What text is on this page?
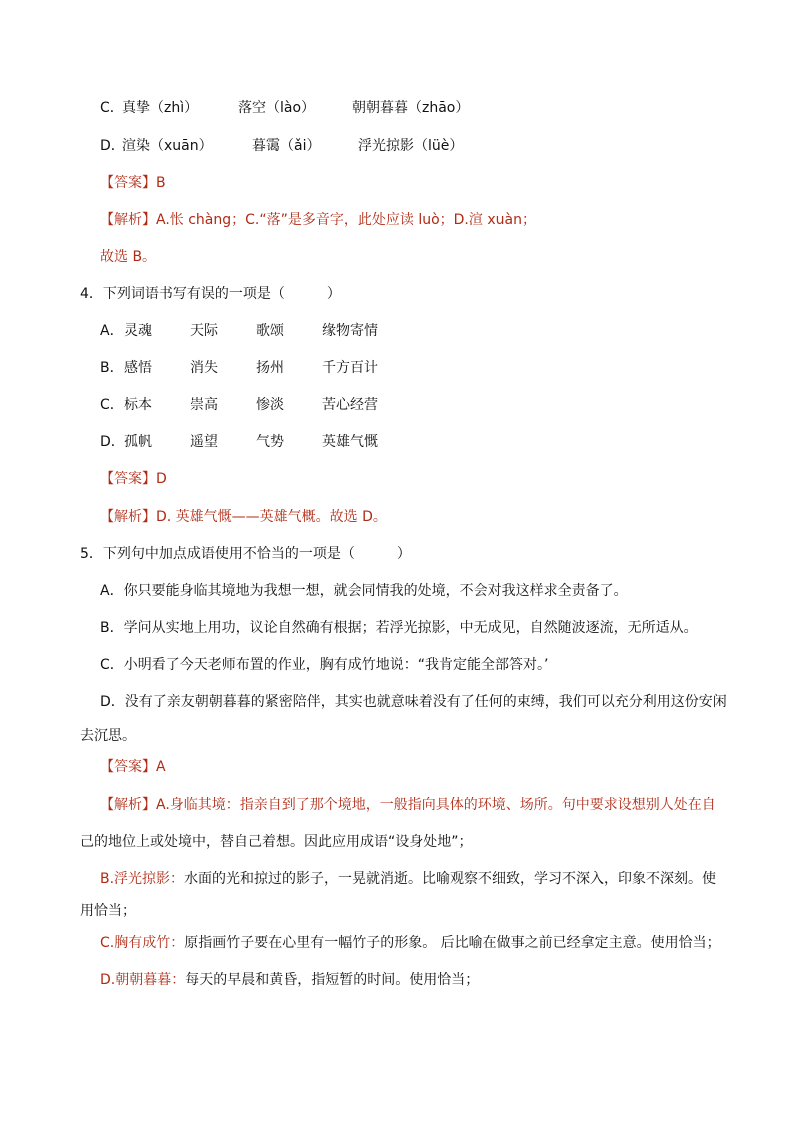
C．
真挚（zhì）	落空（lào）	朝朝暮暮（zhāo）
D．
渲染（xuān）	暮霭（ǎi）	浮光掠影（lüè）
【答案】B
【解析】A.怅 chàng；C.“落”是多音字，此处应读 luò；D.渲 xuàn；
故选 B。
4．下列词语书写有误的一项是（　　　）
A． 灵魂	天际	歌颂	缘物寄情
B． 感悟	消失	扬州	千方百计
C． 标本	崇高	惨淡	苦心经营
D． 孤帆	遥望	气势	英雄气慨
【答案】D
【解析】D. 英雄气慨——英雄气概。故选 D。
5．下列句中加点成语使用不恰当的一项是（　　　）
A．你只要能身临其境地为我想一想，就会同情我的处境，不会对我这样求全责备了。
B．学问从实地上用功，议论自然确有根据；若浮光掠影，中无成见，自然随波逐流，无所适从。
C．小明看了今天老师布置的作业，胸有成竹地说：“我肯定能全部答对。’
D．没有了亲友朝朝暮暮的紧密陪伴，其实也就意味着没有了任何的束缚，我们可以充分利用这份安闲
去沉思。
【答案】A
【解析】A.身临其境：指亲自到了那个境地，一般指向具体的环境、场所。句中要求设想别人处在自
己的地位上或处境中，替自己着想。因此应用成语“设身处地”；
B.浮光掠影：水面的光和掠过的影子，一晃就消逝。比喻观察不细致，学习不深入，印象不深刻。使
用恰当；
C.胸有成竹：原指画竹子要在心里有一幅竹子的形象。 后比喻在做事之前已经拿定主意。使用恰当；
D.朝朝暮暮：每天的早晨和黄昏，指短暂的时间。使用恰当；
